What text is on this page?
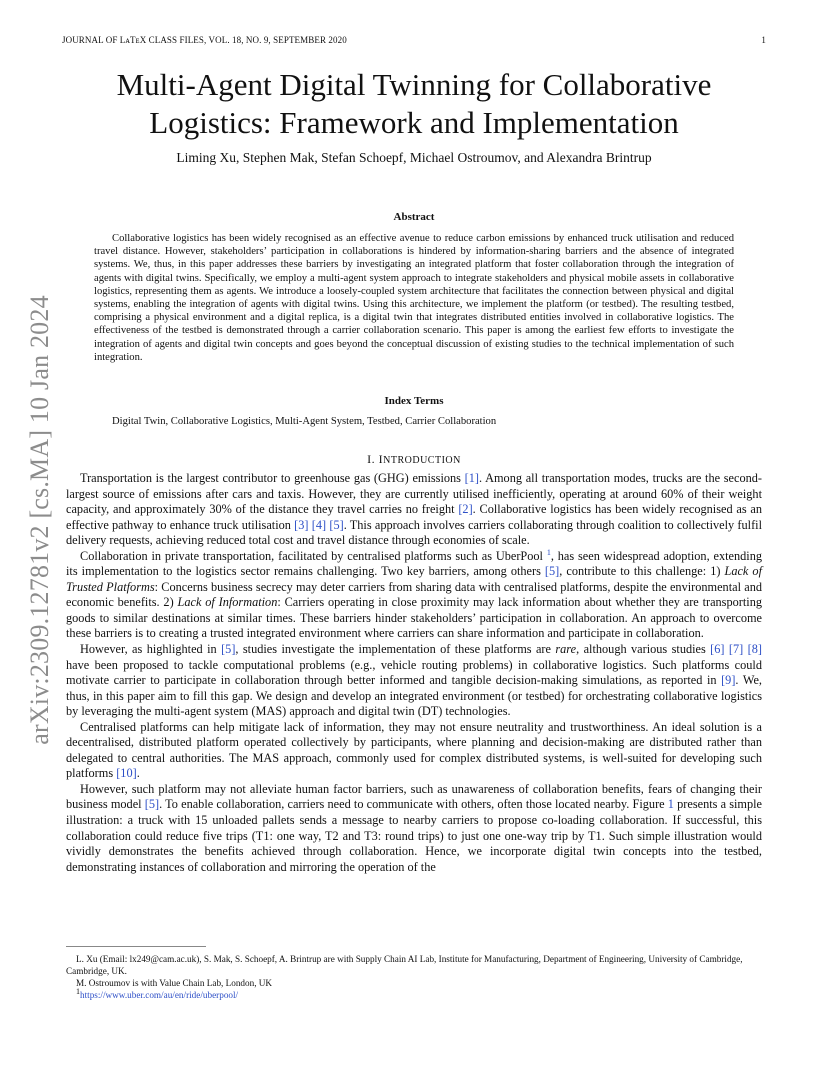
JOURNAL OF LᴀTᴇX CLASS FILES, VOL. 18, NO. 9, SEPTEMBER 2020	1
arXiv:2309.12781v2 [cs.MA] 10 Jan 2024
Multi-Agent Digital Twinning for Collaborative Logistics: Framework and Implementation
Liming Xu, Stephen Mak, Stefan Schoepf, Michael Ostroumov, and Alexandra Brintrup
Abstract
Collaborative logistics has been widely recognised as an effective avenue to reduce carbon emissions by enhanced truck utilisation and reduced travel distance. However, stakeholders’ participation in collaborations is hindered by information-sharing barriers and the absence of integrated systems. We, thus, in this paper addresses these barriers by investigating an integrated platform that foster collaboration through the integration of agents with digital twins. Specifically, we employ a multi-agent system approach to integrate stakeholders and physical mobile assets in collaborative logistics, representing them as agents. We introduce a loosely-coupled system architecture that facilitates the connection between physical and digital systems, enabling the integration of agents with digital twins. Using this architecture, we implement the platform (or testbed). The resulting testbed, comprising a physical environment and a digital replica, is a digital twin that integrates distributed entities involved in collaborative logistics. The effectiveness of the testbed is demonstrated through a carrier collaboration scenario. This paper is among the earliest few efforts to investigate the integration of agents and digital twin concepts and goes beyond the conceptual discussion of existing studies to the technical implementation of such integration.
Index Terms
Digital Twin, Collaborative Logistics, Multi-Agent System, Testbed, Carrier Collaboration
I. INTRODUCTION

Transportation is the largest contributor to greenhouse gas (GHG) emissions [1]. Among all transportation modes, trucks are the second-largest source of emissions after cars and taxis. However, they are currently utilised inefficiently, operating at around 60% of their weight capacity, and approximately 30% of the distance they travel carries no freight [2]. Collaborative logistics has been widely recognised as an effective pathway to enhance truck utilisation [3] [4] [5]. This approach involves carriers collaborating through coalition to collectively fulfil delivery requests, achieving reduced total cost and travel distance through economies of scale.

Collaboration in private transportation, facilitated by centralised platforms such as UberPool $^1$, has seen widespread adoption, extending its implementation to the logistics sector remains challenging. Two key barriers, among others [5], contribute to this challenge: 1) Lack of Trusted Platforms: Concerns business secrecy may deter carriers from sharing data with centralised platforms, despite the environmental and economic benefits. 2) Lack of Information: Carriers operating in close proximity may lack information about whether they are transporting goods to similar destinations at similar times. These barriers hinder stakeholders’ participation in collaboration. An approach to overcome these barriers is to creating a trusted integrated environment where carriers can share information and participate in collaboration.

However, as highlighted in [5], studies investigate the implementation of these platforms are rare, although various studies [6] [7] [8] have been proposed to tackle computational problems (e.g., vehicle routing problems) in collaborative logistics. Such platforms could motivate carrier to participate in collaboration through better informed and tangible decision-making simulations, as reported in [9]. We, thus, in this paper aim to fill this gap. We design and develop an integrated environment (or testbed) for orchestrating collaborative logistics by leveraging the multi-agent system (MAS) approach and digital twin (DT) technologies.

Centralised platforms can help mitigate lack of information, they may not ensure neutrality and trustworthiness. An ideal solution is a decentralised, distributed platform operated collectively by participants, where planning and decision-making are distributed rather than delegated to central authorities. The MAS approach, commonly used for complex distributed systems, is well-suited for developing such platforms [10].

However, such platform may not alleviate human factor barriers, such as unawareness of collaboration benefits, fears of changing their business model [5]. To enable collaboration, carriers need to communicate with others, often those located nearby. Figure 1 presents a simple illustration: a truck with 15 unloaded pallets sends a message to nearby carriers to propose co-loading collaboration. If successful, this collaboration could reduce five trips (T1: one way, T2 and T3: round trips) to just one one-way trip by T1. Such simple illustration would vividly demonstrates the benefits achieved through collaboration. Hence, we incorporate digital twin concepts into the testbed, demonstrating instances of collaboration and mirroring the operation of the

L. Xu (Email: lx249@cam.ac.uk), S. Mak, S. Schoepf, A. Brintrup are with Supply Chain AI Lab, Institute for Manufacturing, Department of Engineering, University of Cambridge, Cambridge, UK.

M. Ostroumov is with Value Chain Lab, London, UK

$^1$https://www.uber.com/au/en/ride/uberpool/
